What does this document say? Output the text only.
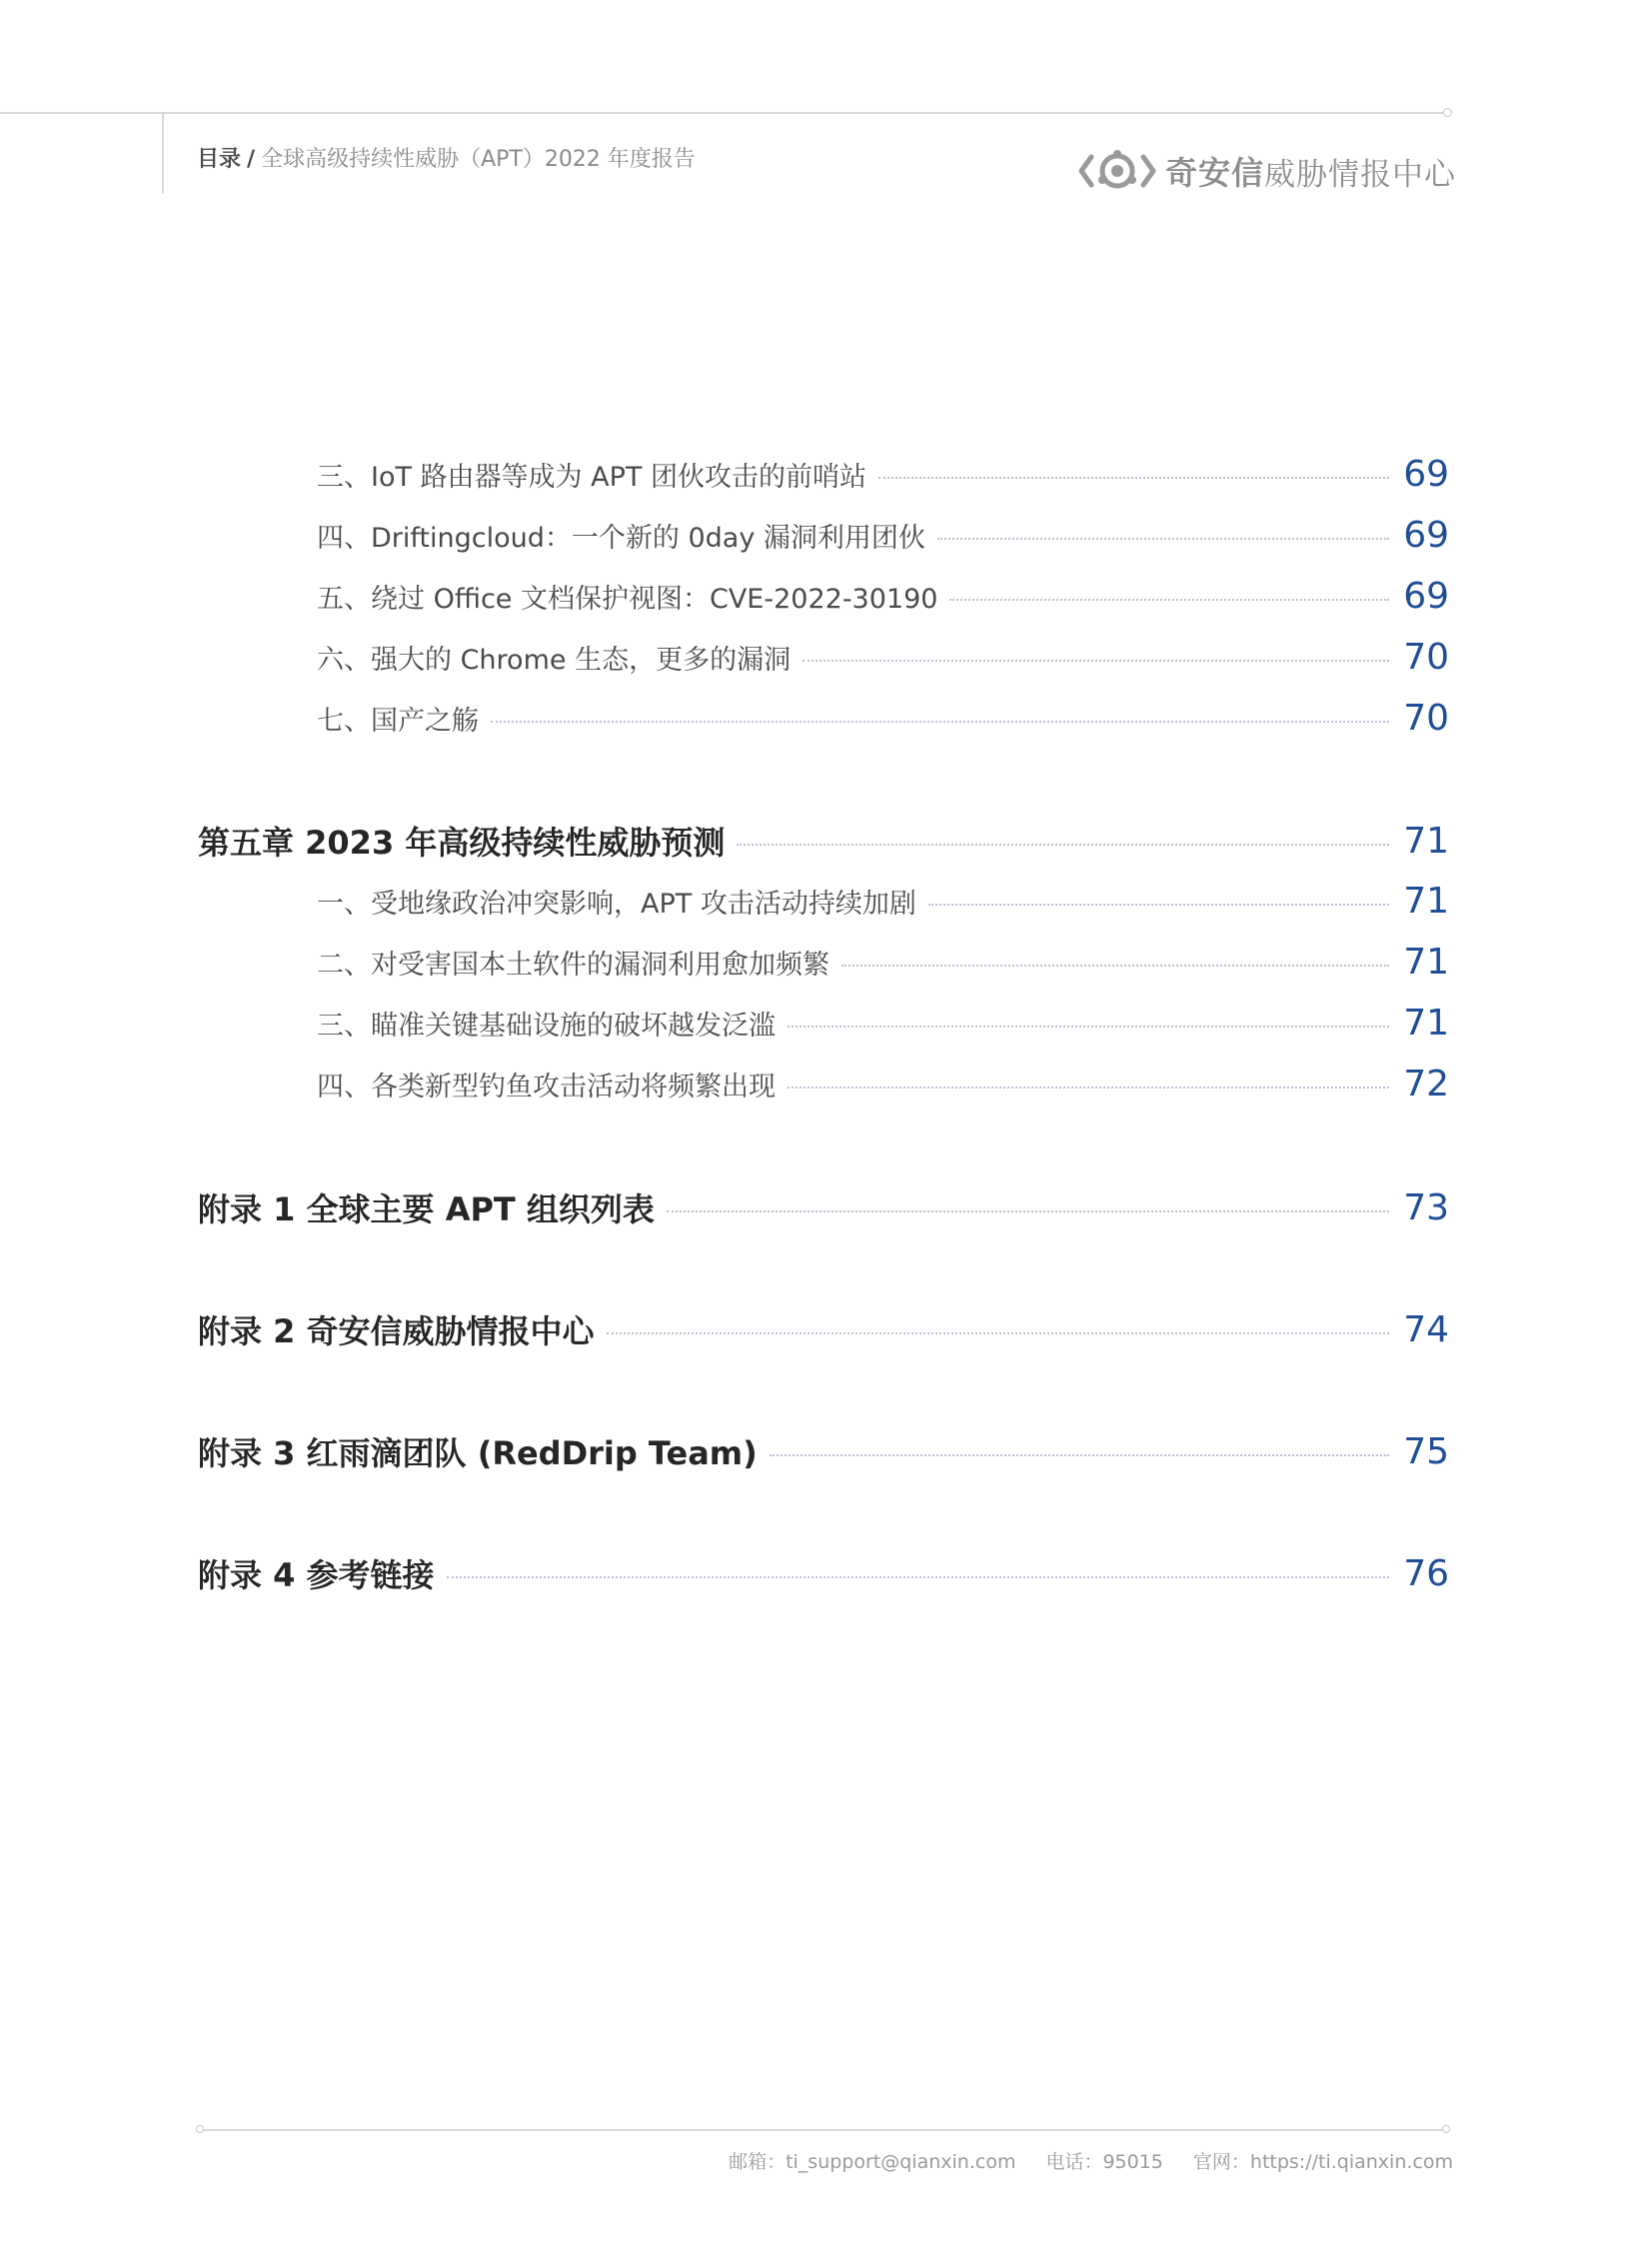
目录 / 全球高级持续性威胁（APT）2022 年度报告	奇安信 威胁情报中心
三、IoT 路由器等成为 APT 团伙攻击的前哨站	69
四、Driftingcloud：一个新的 0day 漏洞利用团伙	69
五、绕过 Office 文档保护视图：CVE-2022-30190	69
六、强大的 Chrome 生态，更多的漏洞	70
七、国产之觞	70
第五章 2023 年高级持续性威胁预测	71
一、受地缘政治冲突影响，APT 攻击活动持续加剧	71
二、对受害国本土软件的漏洞利用愈加频繁	71
三、瞄准关键基础设施的破坏越发泛滥	71
四、各类新型钓鱼攻击活动将频繁出现	72
附录 1 全球主要 APT 组织列表	73
附录 2 奇安信威胁情报中心	74
附录 3 红雨滴团队 (RedDrip Team)	75
附录 4 参考链接	76
邮箱：ti_support@qianxin.com 电话：95015 官网：https://ti.qianxin.com
